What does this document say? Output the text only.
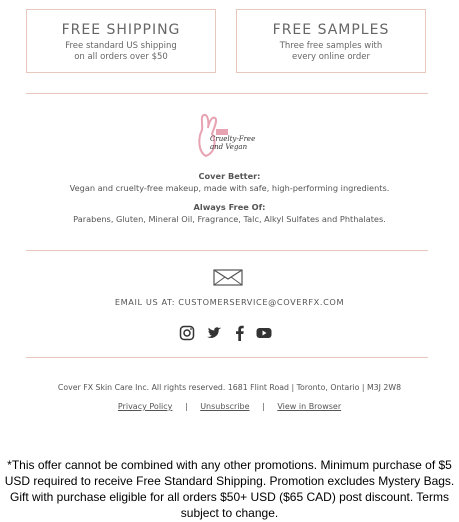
FREE SHIPPING
Free standard US shipping
on all orders over $50
FREE SAMPLES
Three free samples with
every online order
Cruelty-Free
and Vegan
Cover Better:
Vegan and cruelty-free makeup, made with safe, high-performing ingredients.
Always Free Of:
Parabens, Gluten, Mineral Oil, Fragrance, Talc, Alkyl Sulfates and Phthalates.
EMAIL US AT: CUSTOMERSERVICE@COVERFX.COM
Cover FX Skin Care Inc. All rights reserved. 1681 Flint Road | Toronto, Ontario | M3J 2W8
Privacy Policy | Unsubscribe | View in Browser
*This offer cannot be combined with any other promotions. Minimum purchase of $5 USD required to receive Free Standard Shipping. Promotion excludes Mystery Bags. Gift with purchase eligible for all orders $50+ USD ($65 CAD) post discount. Terms subject to change.
